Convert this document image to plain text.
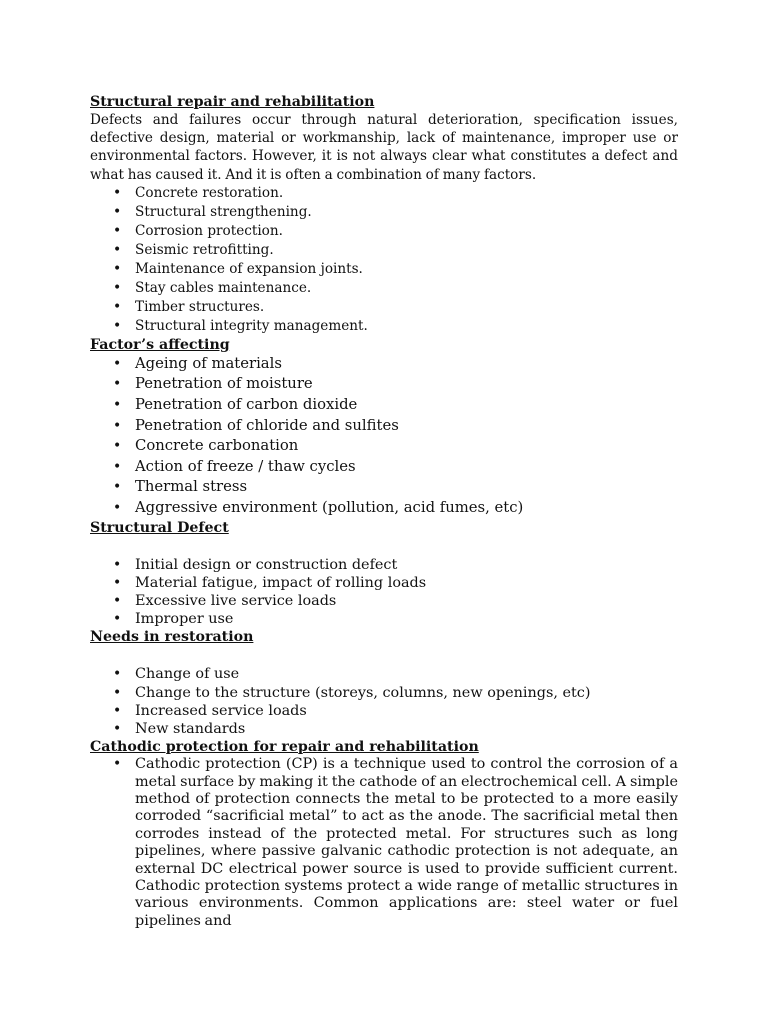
Structural repair and rehabilitation

Defects and failures occur through natural deterioration, specification issues, defective design, material or workmanship, lack of maintenance, improper use or environmental factors. However, it is not always clear what constitutes a defect and what has caused it. And it is often a combination of many factors.

• Concrete restoration.
• Structural strengthening.
• Corrosion protection.
• Seismic retrofitting.
• Maintenance of expansion joints.
• Stay cables maintenance.
• Timber structures.
• Structural integrity management.
Factor’s affecting
• Ageing of materials
• Penetration of moisture
• Penetration of carbon dioxide
• Penetration of chloride and sulfites
• Concrete carbonation
• Action of freeze / thaw cycles
• Thermal stress
• Aggressive environment (pollution, acid fumes, etc)
Structural Defect
• Initial design or construction defect
• Material fatigue, impact of rolling loads
• Excessive live service loads
• Improper use
Needs in restoration
• Change of use
• Change to the structure (storeys, columns, new openings, etc)
• Increased service loads
• New standards
Cathodic protection for repair and rehabilitation
• Cathodic protection (CP) is a technique used to control the corrosion of a metal surface by making it the cathode of an electrochemical cell. A simple method of protection connects the metal to be protected to a more easily corroded “sacrificial metal” to act as the anode. The sacrificial metal then corrodes instead of the protected metal. For structures such as long pipelines, where passive galvanic cathodic protection is not adequate, an external DC electrical power source is used to provide sufficient current. Cathodic protection systems protect a wide range of metallic structures in various environments. Common applications are: steel water or fuel pipelines and
